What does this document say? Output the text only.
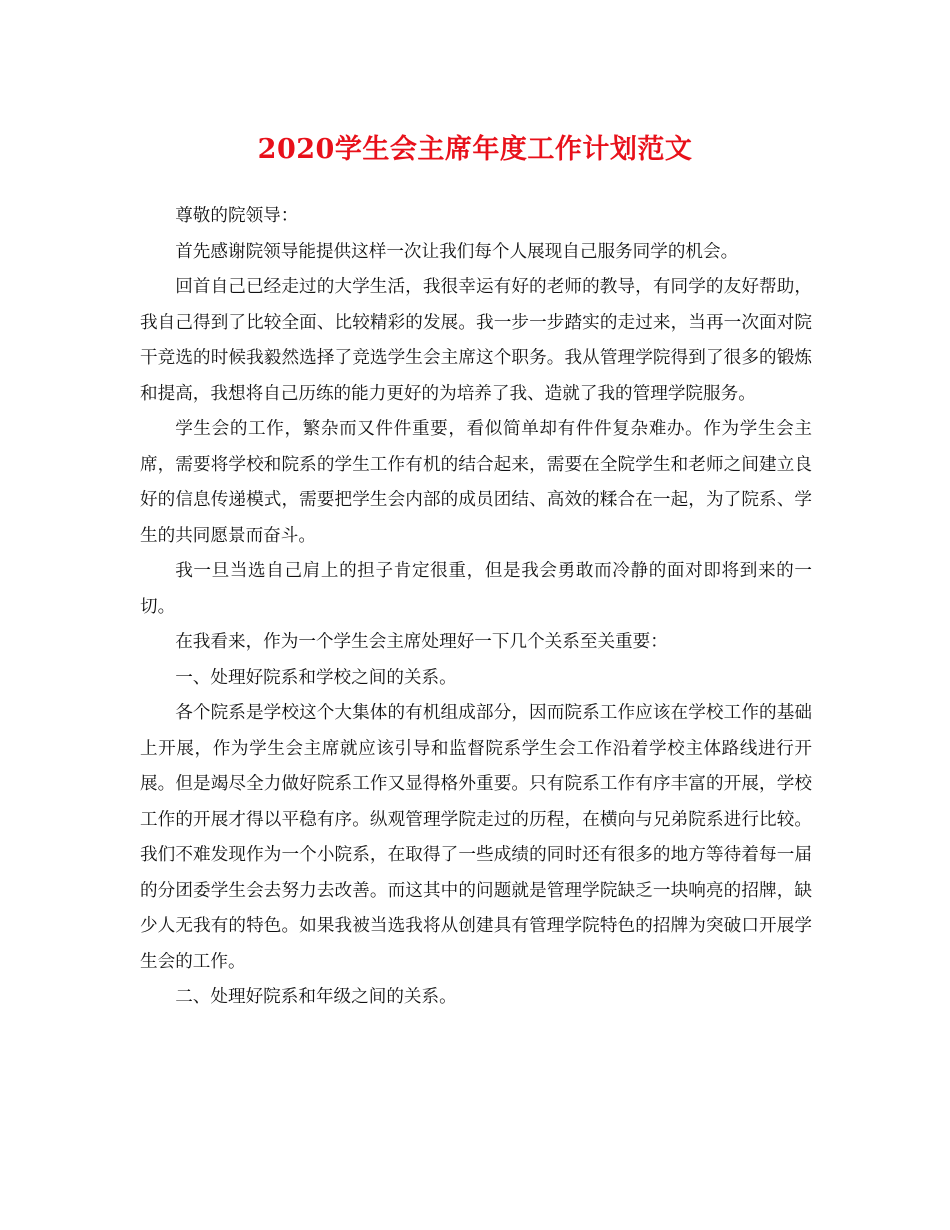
2020学生会主席年度工作计划范文

尊敬的院领导：

首先感谢院领导能提供这样一次让我们每个人展现自己服务同学的机会。

回首自己已经走过的大学生活，我很幸运有好的老师的教导，有同学的友好帮助，我自己得到了比较全面、比较精彩的发展。我一步一步踏实的走过来，当再一次面对院干竞选的时候我毅然选择了竞选学生会主席这个职务。我从管理学院得到了很多的锻炼和提高，我想将自己历练的能力更好的为培养了我、造就了我的管理学院服务。

学生会的工作，繁杂而又件件重要，看似简单却有件件复杂难办。作为学生会主席，需要将学校和院系的学生工作有机的结合起来，需要在全院学生和老师之间建立良好的信息传递模式，需要把学生会内部的成员团结、高效的糅合在一起，为了院系、学生的共同愿景而奋斗。

我一旦当选自己肩上的担子肯定很重，但是我会勇敢而冷静的面对即将到来的一切。

在我看来，作为一个学生会主席处理好一下几个关系至关重要：

一、处理好院系和学校之间的关系。

各个院系是学校这个大集体的有机组成部分，因而院系工作应该在学校工作的基础上开展，作为学生会主席就应该引导和监督院系学生会工作沿着学校主体路线进行开展。但是竭尽全力做好院系工作又显得格外重要。只有院系工作有序丰富的开展，学校工作的开展才得以平稳有序。纵观管理学院走过的历程，在横向与兄弟院系进行比较。我们不难发现作为一个小院系，在取得了一些成绩的同时还有很多的地方等待着每一届的分团委学生会去努力去改善。而这其中的问题就是管理学院缺乏一块响亮的招牌，缺少人无我有的特色。如果我被当选我将从创建具有管理学院特色的招牌为突破口开展学生会的工作。

二、处理好院系和年级之间的关系。
